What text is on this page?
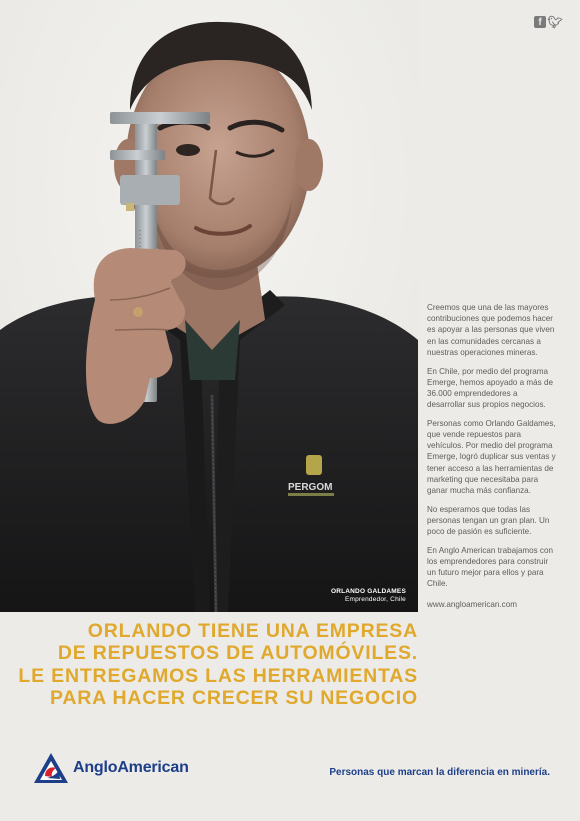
f 🐦︎
PERGOM
ORLANDO GALDAMES
Emprendedor, Chile

Creemos que una de las mayores contribuciones que podemos hacer es apoyar a las personas que viven en las comunidades cercanas a nuestras operaciones mineras.

En Chile, por medio del programa Emerge, hemos apoyado a más de 36.000 emprendedores a desarrollar sus propios negocios.

Personas como Orlando Galdames, que vende repuestos para vehículos. Por medio del programa Emerge, logró duplicar sus ventas y tener acceso a las herramientas de marketing que necesitaba para ganar mucha más confianza.

No esperamos que todas las personas tengan un gran plan. Un poco de pasión es suficiente.

En Anglo American trabajamos con los emprendedores para construir un futuro mejor para ellos y para Chile.

www.angloamerican.com
ORLANDO TIENE UNA EMPRESA
DE REPUESTOS DE AUTOMÓVILES.
LE ENTREGAMOS LAS HERRAMIENTAS
PARA HACER CRECER SU NEGOCIO
AngloAmerican	Personas que marcan la diferencia en minería.
